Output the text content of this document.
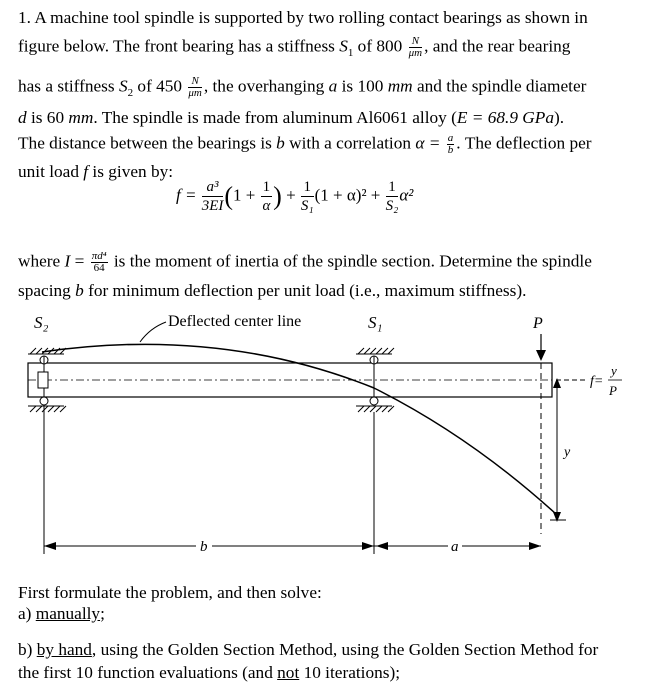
1. A machine tool spindle is supported by two rolling contact bearings as shown in
figure below. The front bearing has a stiffness $S_1$ of $800 \frac{N}{\mu m}$ , and the rear bearing
has a stiffness $S_2$ of $450 \frac{N}{\mu m}$ , the overhanging a is 100 mm and the spindle diameter
d is 60 mm. The spindle is made from aluminum Al6061 alloy (E = 68.9 GPa).
The distance between the bearings is b with a correlation $\alpha = \frac{a}{b}$ . The deflection per
unit load f is given by:
$f = \frac{\text{a³}}{3EI} (1 + \frac{1}{\alpha}$ ) + $\frac{1}{\text{S₁}} (1 + \alpha)^2 + \frac{1}{\text{S₂}} \alpha^2$
where $I = \frac{\text{πd⁴}}{64}$ is the moment of inertia of the spindle section. Determine the spindle
spacing b for minimum deflection per unit load (i.e., maximum stiffness).
S₂	Deflected center line	S₁	P
y
f=
y
P
b	a
First formulate the problem, and then solve:
a) manually;
b) by hand, using the Golden Section Method, using the Golden Section Method for
the first 10 function evaluations (and not 10 iterations);
